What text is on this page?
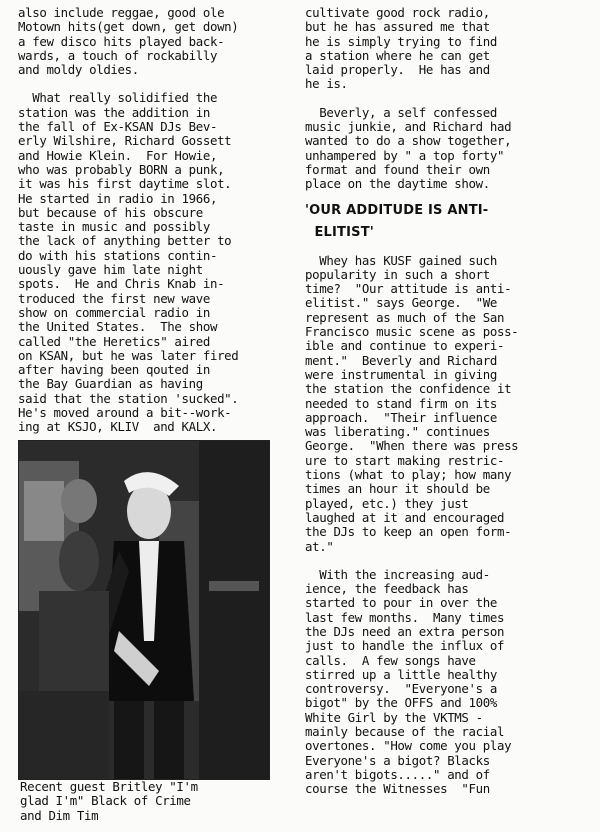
also include reggae, good ole
Motown hits(get down, get down)
a few disco hits played back-
wards, a touch of rockabilly
and moldy oldies.
What really solidified the
station was the addition in
the fall of Ex-KSAN DJs Bev-
erly Wilshire, Richard Gossett
and Howie Klein.  For Howie,
who was probably BORN a punk,
it was his first daytime slot.
He started in radio in 1966,
but because of his obscure
taste in music and possibly
the lack of anything better to
do with his stations contin-
uously gave him late night
spots.  He and Chris Knab in-
troduced the first new wave
show on commercial radio in
the United States.  The show
called "the Heretics" aired
on KSAN, but he was later fired
after having been qouted in
the Bay Guardian as having
said that the station 'sucked".
He's moved around a bit--work-
ing at KSJO, KLIV  and KALX.
Recent guest Britley "I'm
glad I'm" Black of Crime
and Dim Tim
cultivate good rock radio,
but he has assured me that
he is simply trying to find
a station where he can get
laid properly.  He has and
he is.
Beverly, a self confessed
music junkie, and Richard had
wanted to do a show together,
unhampered by " a top forty"
format and found their own
place on the daytime show.
'OUR ADDITUDE IS ANTI-
ELITIST'
Whey has KUSF gained such
popularity in such a short
time?  "Our attitude is anti-
elitist." says George.  "We
represent as much of the San
Francisco music scene as poss-
ible and continue to experi-
ment."  Beverly and Richard
were instrumental in giving
the station the confidence it
needed to stand firm on its
approach.  "Their influence
was liberating." continues
George.  "When there was press
ure to start making restric-
tions (what to play; how many
times an hour it should be
played, etc.) they just
laughed at it and encouraged
the DJs to keep an open form-
at."
With the increasing aud-
ience, the feedback has
started to pour in over the
last few months.  Many times
the DJs need an extra person
just to handle the influx of
calls.  A few songs have
stirred up a little healthy
controversy.  "Everyone's a
bigot" by the OFFS and 100%
White Girl by the VKTMS -
mainly because of the racial
overtones. "How come you play
Everyone's a bigot? Blacks
aren't bigots....." and of
course the Witnesses  "Fun
